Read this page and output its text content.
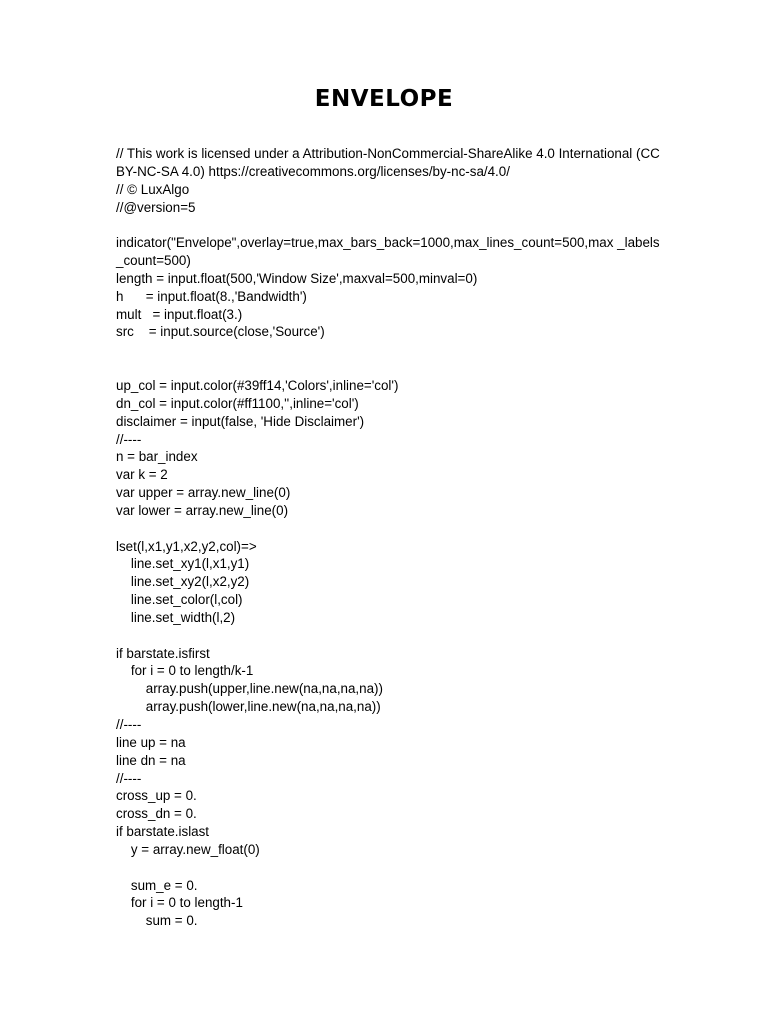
ENVELOPE
// This work is licensed under a Attribution-NonCommercial-ShareAlike 4.0 International (CC BY-NC-SA 4.0) https://creativecommons.org/licenses/by-nc-sa/4.0/
// © LuxAlgo
//@version=5
indicator("Envelope",overlay=true,max_bars_back=1000,max_lines_count=500,max _labels_count=500)
length = input.float(500,'Window Size',maxval=500,minval=0)
h      = input.float(8.,'Bandwidth')
mult   = input.float(3.)
src    = input.source(close,'Source')
up_col = input.color(#39ff14,'Colors',inline='col')
dn_col = input.color(#ff1100,'',inline='col')
disclaimer = input(false, 'Hide Disclaimer')
//----
n = bar_index
var k = 2
var upper = array.new_line(0)
var lower = array.new_line(0)
lset(l,x1,y1,x2,y2,col)=>
line.set_xy1(l,x1,y1)
line.set_xy2(l,x2,y2)
line.set_color(l,col)
line.set_width(l,2)
if barstate.isfirst
for i = 0 to length/k-1
array.push(upper,line.new(na,na,na,na))
array.push(lower,line.new(na,na,na,na))
//----
line up = na
line dn = na
//----
cross_up = 0.
cross_dn = 0.
if barstate.islast
y = array.new_float(0)
sum_e = 0.
for i = 0 to length-1
sum = 0.
